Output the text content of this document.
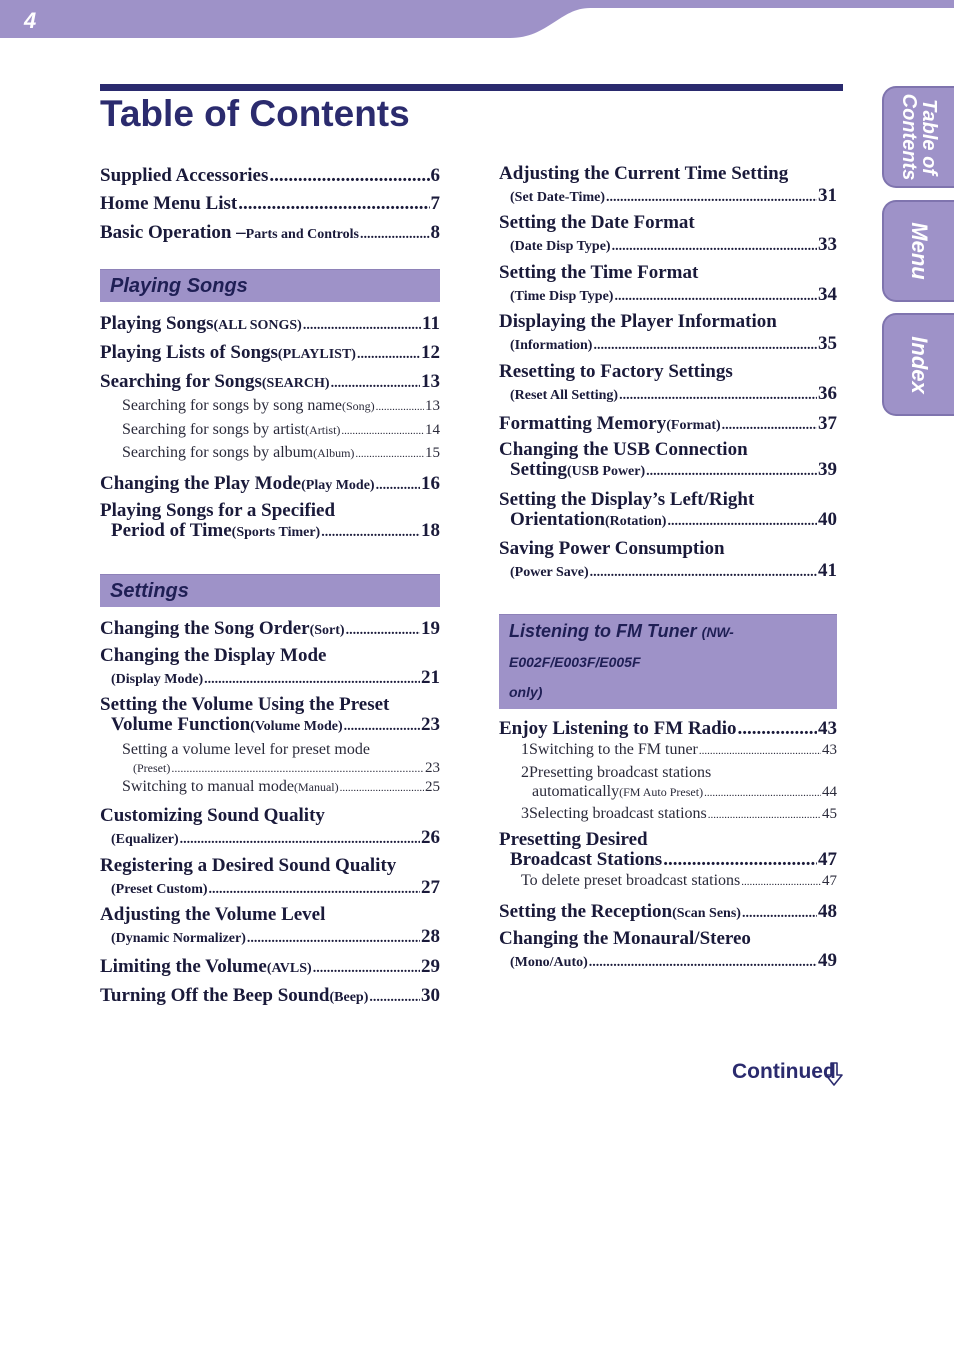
4
Table of Contents	Table of Contents
Menu
Index
Supplied Accessories .....	6
Home Menu List .....	7
Basic Operation – Parts and Controls .....	8
Playing Songs
Playing Songs (ALL SONGS) .....	11
Playing Lists of Songs (PLAYLIST) .....	12
Searching for Songs (SEARCH) .....	13
Searching for songs by song name (Song) .....	13
Searching for songs by artist (Artist) .....	14
Searching for songs by album (Album) .....	15
Changing the Play Mode (Play Mode) ..... 16
Playing Songs for a Specified
Period of Time (Sports Timer) .....	18
Settings
Changing the Song Order (Sort) .....	19
Changing the Display Mode
(Display Mode) .....	21
Setting the Volume Using the Preset
Volume Function (Volume Mode) .....	23
Setting a volume level for preset mode
(Preset) .....	23
Switching to manual mode (Manual) .....	25
Customizing Sound Quality
(Equalizer) .....	26
Registering a Desired Sound Quality
(Preset Custom) .....	27
Adjusting the Volume Level
(Dynamic Normalizer) .....	28
Limiting the Volume (AVLS) .....	29
Turning Off the Beep Sound (Beep) .....	30
Adjusting the Current Time Setting
(Set Date-Time) .....	31
Setting the Date Format
(Date Disp Type) .....	33
Setting the Time Format
(Time Disp Type) .....	34
Displaying the Player Information
(Information) .....	35
Resetting to Factory Settings
(Reset All Setting) .....	36
Formatting Memory (Format) .....	37
Changing the USB Connection
Setting (USB Power) .....	39
Setting the Display’s Left/Right
Orientation (Rotation) .....	40
Saving Power Consumption
(Power Save) .....	41
Listening to FM Tuner (NW-E002F/E003F/E005F
only)
Enjoy Listening to FM Radio .....	43
1 Switching to the FM tuner .....	43
2 Presetting broadcast stations
automatically (FM Auto Preset) .....	44
3 Selecting broadcast stations .....	45
Presetting Desired
Broadcast Stations .....	47
To delete preset broadcast stations .....	47
Setting the Reception (Scan Sens) .....	48
Changing the Monaural/Stereo
(Mono/Auto) .....	49
Continued
